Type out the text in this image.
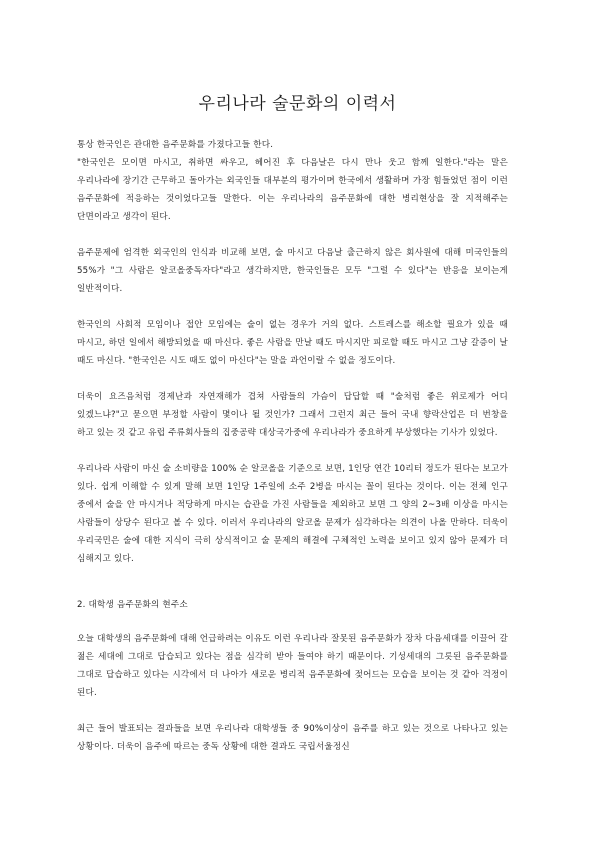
우리나라 술문화의 이력서

통상 한국인은 관대한 음주문화를 가졌다고들 한다.

"한국인은 모이면 마시고, 취하면 싸우고, 헤어진 후 다음날은 다시 만나 웃고 함께 일한다."라는 말은 우리나라에 장기간 근무하고 돌아가는 외국인들 대부분의 평가이며 한국에서 생활하며 가장 힘들었던 점이 이런 음주문화에 적응하는 것이었다고들 말한다. 이는 우리나라의 음주문화에 대한 병리현상을 잘 지적해주는 단면이라고 생각이 된다.

음주문제에 엄격한 외국인의 인식과 비교해 보면, 술 마시고 다음날 출근하지 않은 회사원에 대해 미국인들의 55%가 "그 사람은 알코올중독자다"라고 생각하지만, 한국인들은 모두 "그럴 수 있다"는 반응을 보이는게 일반적이다.

한국인의 사회적 모임이나 접안 모임에는 술이 없는 경우가 거의 없다. 스트레스를 해소할 필요가 있을 때 마시고, 하던 일에서 해방되었을 때 마신다. 좋은 사람을 만날 때도 마시지만 피로할 때도 마시고 그냥 갈증이 날 때도 마신다. "한국인은 시도 때도 없이 마신다"는 말을 과언이랄 수 없을 정도이다.

더욱이 요즈음처럼 경제난과 자연재해가 겹쳐 사람들의 가슴이 답답할 때 "술처럼 좋은 위로제가 어디 있겠느냐?"고 묻으면 부정할 사람이 몇이나 될 것인가? 그래서 그런지 최근 들어 국내 향락산업은 더 번창을 하고 있는 것 같고 유럽 주류회사들의 집중공략 대상국가중에 우리나라가 중요하게 부상했다는 기사가 있었다.

우리나라 사람이 마신 술 소비량을 100% 순 알코올을 기준으로 보면, 1인당 연간 10리터 정도가 된다는 보고가 있다. 쉽게 이해할 수 있게 말해 보면 1인당 1주일에 소주 2병을 마시는 꼴이 된다는 것이다. 이는 전체 인구 중에서 술을 안 마시거나 적당하게 마시는 습관을 가진 사람들을 제외하고 보면 그 양의 2~3배 이상을 마시는 사람들이 상당수 된다고 볼 수 있다. 이러서 우리나라의 알코올 문제가 심각하다는 의견이 나올 만하다. 더욱이 우리국민은 술에 대한 지식이 극히 상식적이고 술 문제의 해결에 구체적인 노력을 보이고 있지 않아 문제가 더 심해지고 있다.

2. 대학생 음주문화의 현주소

오늘 대학생의 음주문화에 대해 언급하려는 이유도 이런 우리나라 잘못된 음주문화가 장차 다음세대를 이끌어 갈 젊은 세대에 그대로 답습되고 있다는 점을 심각히 받아 들여야 하기 때문이다. 기성세대의 그릇된 음주문화를 그대로 답습하고 있다는 시각에서 더 나아가 새로운 병리적 음주문화에 젖어드는 모습을 보이는 것 같아 걱정이 된다.

최근 들어 발표되는 결과들을 보면 우리나라 대학생들 중 90%이상이 음주를 하고 있는 것으로 나타나고 있는 상황이다. 더욱이 음주에 따르는 중독 상황에 대한 결과도 국립서울정신
